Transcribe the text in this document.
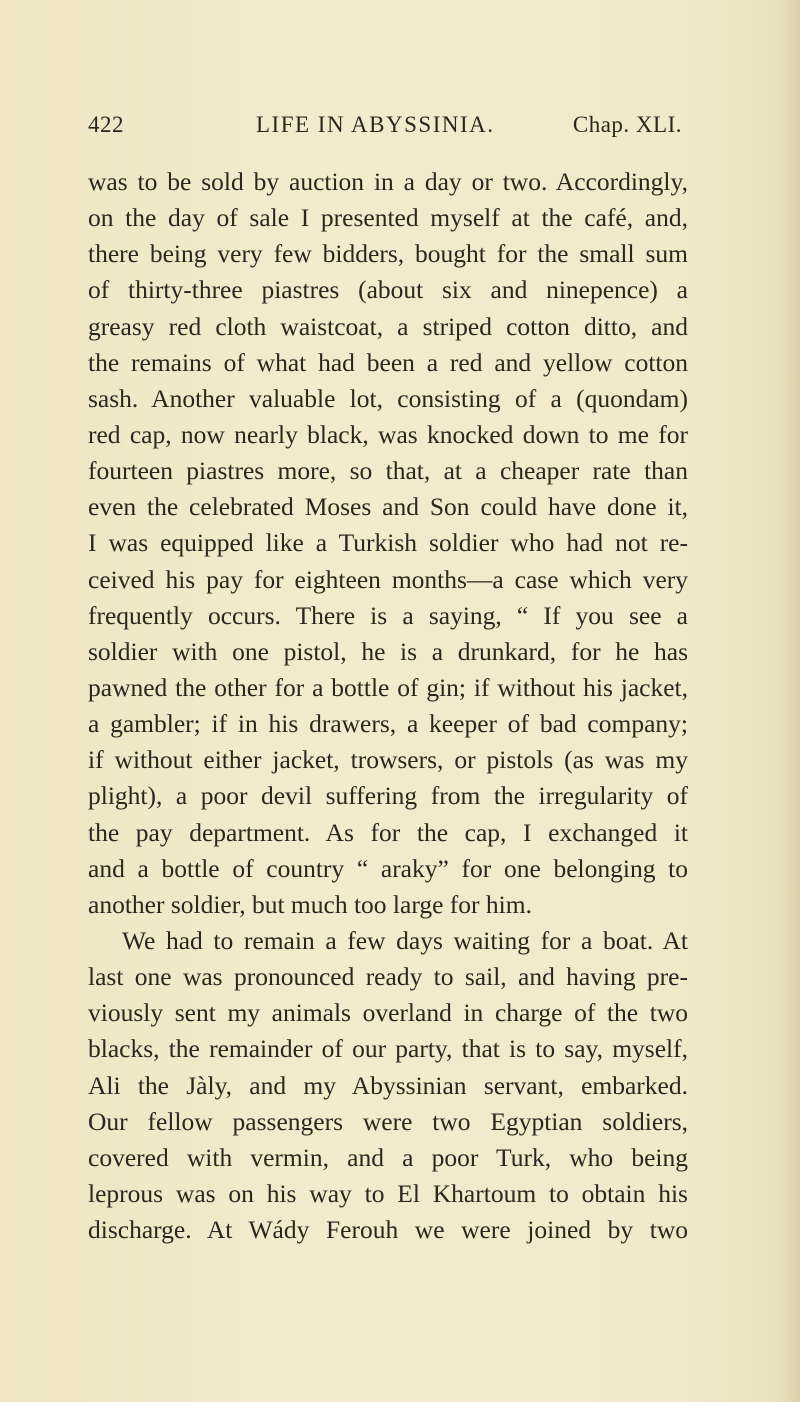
422	LIFE IN ABYSSINIA.	Chap. XLI.
was to be sold by auction in a day or two. Accordingly,
on the day of sale I presented myself at the café, and,
there being very few bidders, bought for the small sum
of thirty-three piastres (about six and ninepence) a
greasy red cloth waistcoat, a striped cotton ditto, and
the remains of what had been a red and yellow cotton
sash. Another valuable lot, consisting of a (quondam)
red cap, now nearly black, was knocked down to me for
fourteen piastres more, so that, at a cheaper rate than
even the celebrated Moses and Son could have done it,
I was equipped like a Turkish soldier who had not re-
ceived his pay for eighteen months—a case which very
frequently occurs. There is a saying, “ If you see a
soldier with one pistol, he is a drunkard, for he has
pawned the other for a bottle of gin; if without his jacket,
a gambler; if in his drawers, a keeper of bad company;
if without either jacket, trowsers, or pistols (as was my
plight), a poor devil suffering from the irregularity of
the pay department. As for the cap, I exchanged it
and a bottle of country “ araky” for one belonging to
another soldier, but much too large for him.
We had to remain a few days waiting for a boat. At
last one was pronounced ready to sail, and having pre-
viously sent my animals overland in charge of the two
blacks, the remainder of our party, that is to say, myself,
Ali the Jàly, and my Abyssinian servant, embarked.
Our fellow passengers were two Egyptian soldiers,
covered with vermin, and a poor Turk, who being
leprous was on his way to El Khartoum to obtain his
discharge. At Wády Ferouh we were joined by two
